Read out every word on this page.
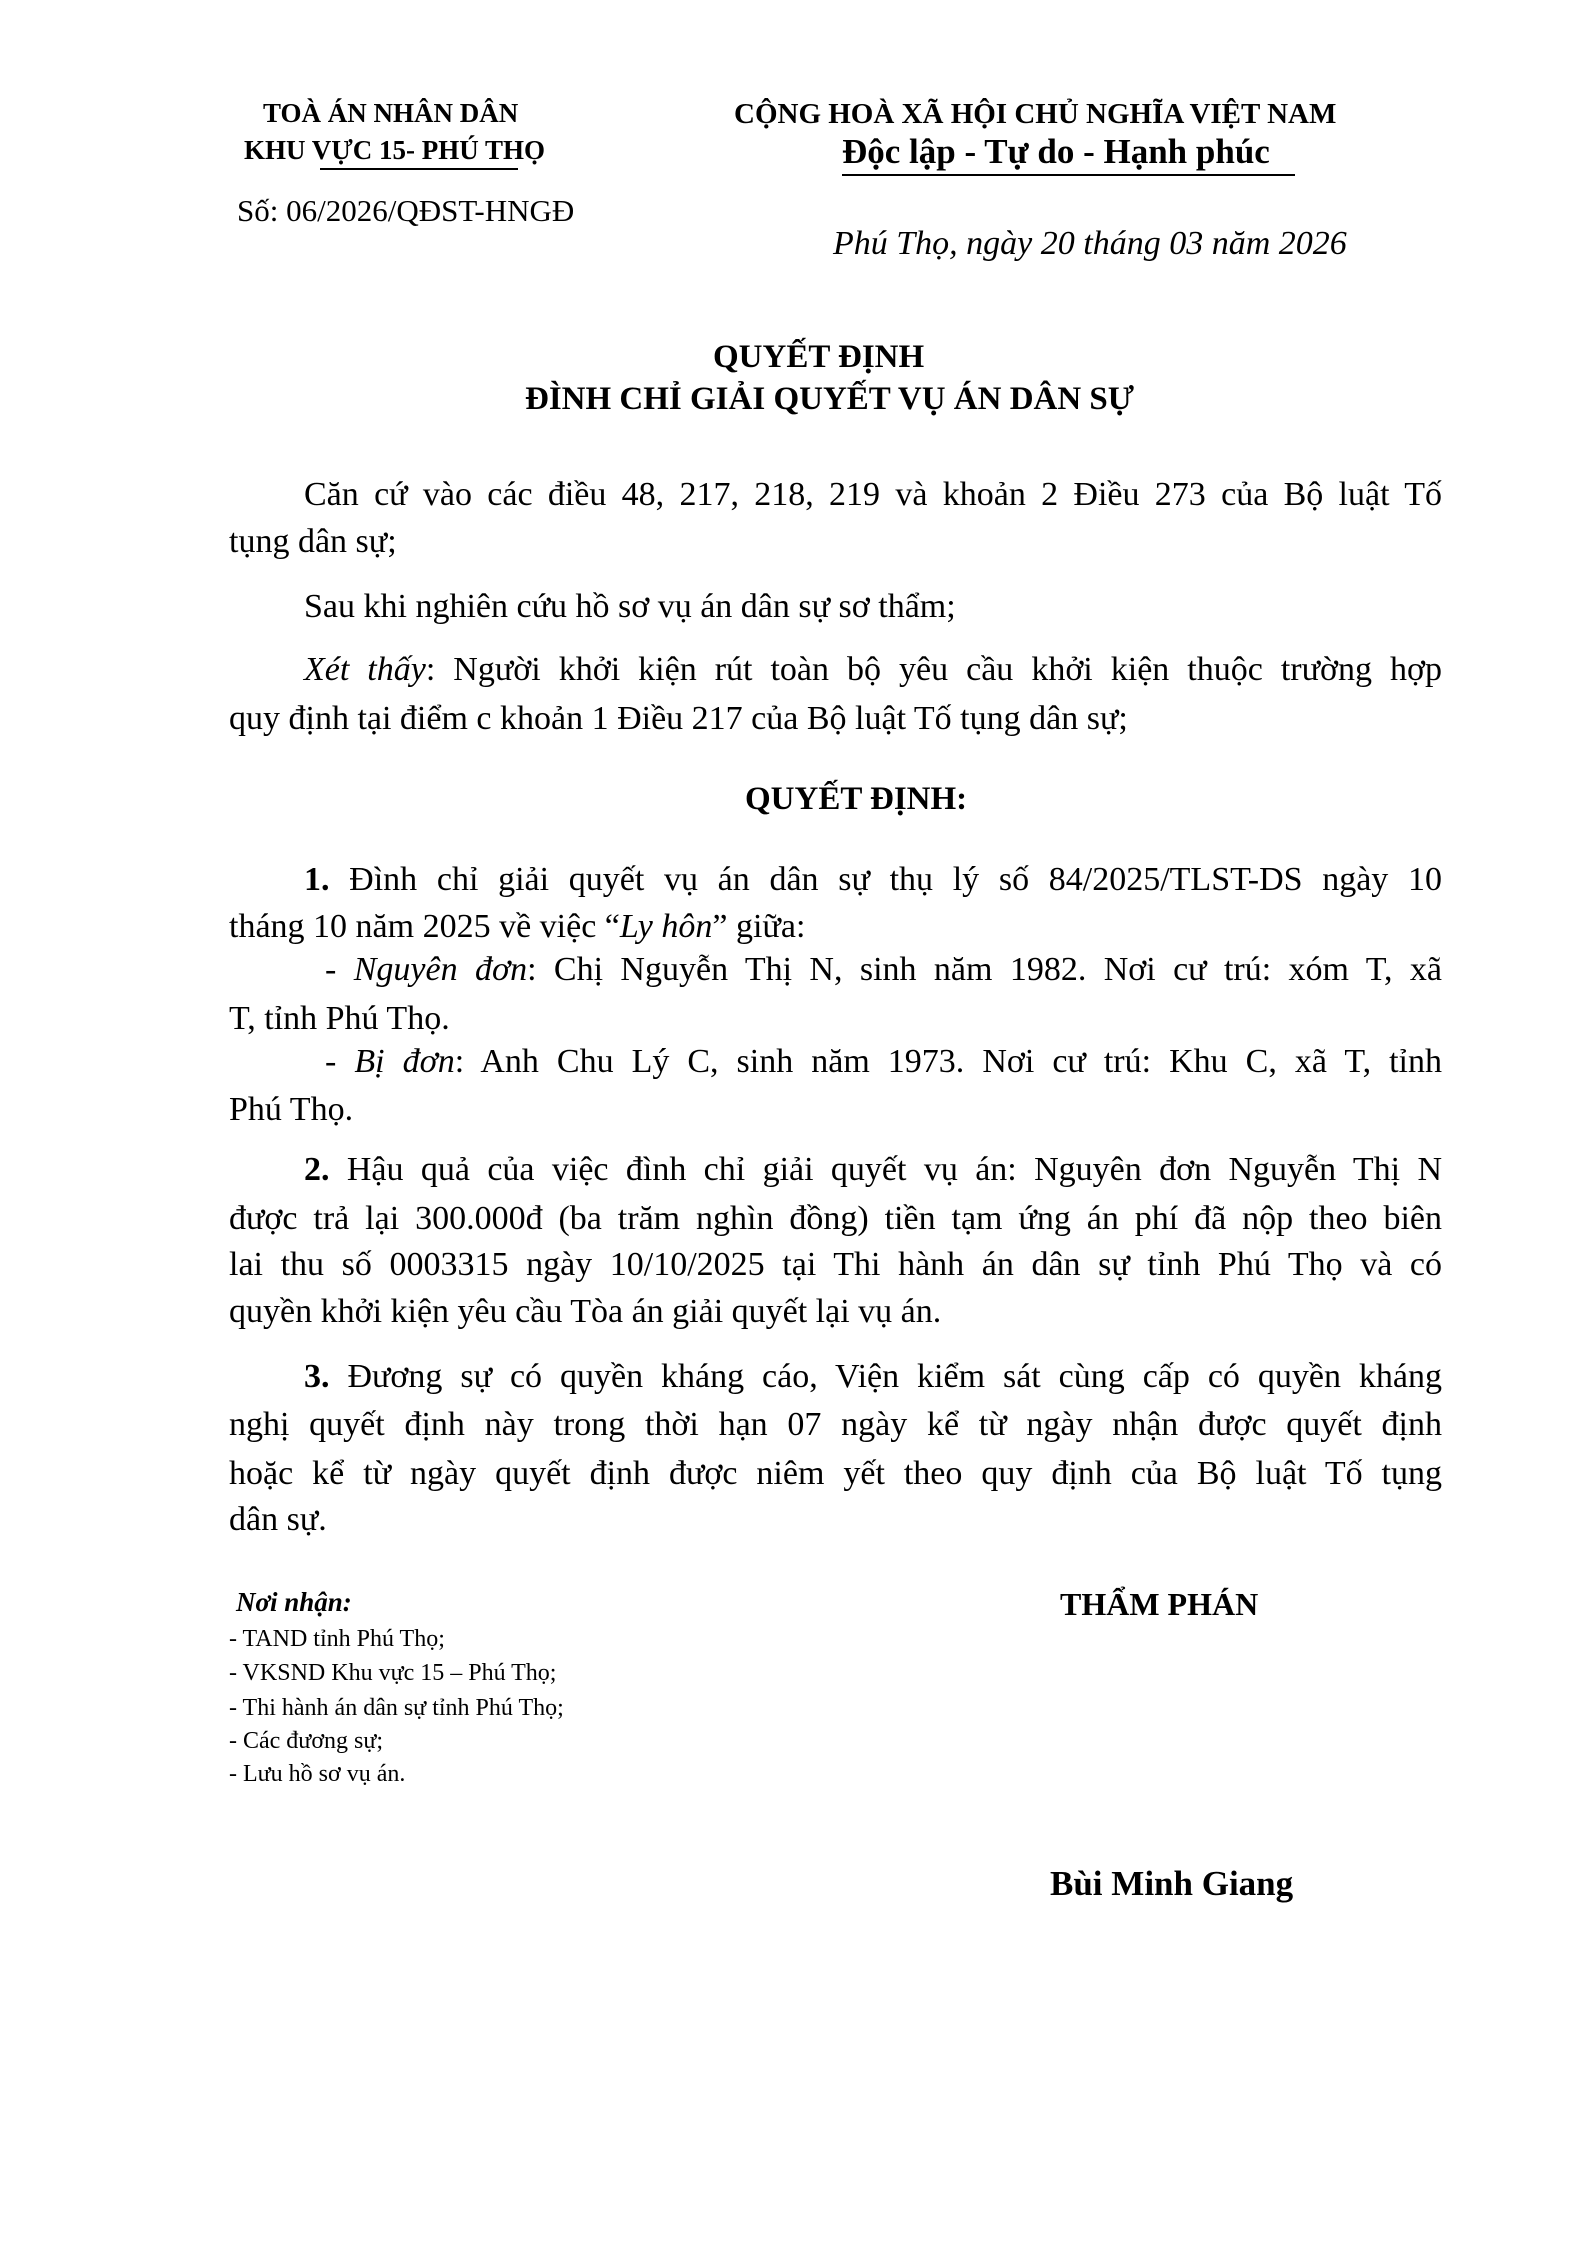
TOÀ ÁN NHÂN DÂN
KHU VỰC 15- PHÚ THỌ
Số: 06/2026/QĐST-HNGĐ
CỘNG HOÀ XÃ HỘI CHỦ NGHĨA VIỆT NAM
Độc lập - Tự do - Hạnh phúc
Phú Thọ, ngày 20 tháng 03 năm 2026
QUYẾT ĐỊNH
ĐÌNH CHỈ GIẢI QUYẾT VỤ ÁN DÂN SỰ
Căn cứ vào các điều 48, 217, 218, 219 và khoản 2 Điều 273 của Bộ luật Tố
tụng dân sự;
Sau khi nghiên cứu hồ sơ vụ án dân sự sơ thẩm;
Xét thấy: Người khởi kiện rút toàn bộ yêu cầu khởi kiện thuộc trường hợp
quy định tại điểm c khoản 1 Điều 217 của Bộ luật Tố tụng dân sự;
QUYẾT ĐỊNH:
1. Đình chỉ giải quyết vụ án dân sự thụ lý số 84/2025/TLST-DS ngày 10
tháng 10 năm 2025 về việc “Ly hôn” giữa:
- Nguyên đơn: Chị Nguyễn Thị N, sinh năm 1982. Nơi cư trú: xóm T, xã
T, tỉnh Phú Thọ.
- Bị đơn: Anh Chu Lý C, sinh năm 1973. Nơi cư trú: Khu C, xã T, tỉnh
Phú Thọ.
2. Hậu quả của việc đình chỉ giải quyết vụ án: Nguyên đơn Nguyễn Thị N
được trả lại 300.000đ (ba trăm nghìn đồng) tiền tạm ứng án phí đã nộp theo biên
lai thu số 0003315 ngày 10/10/2025 tại Thi hành án dân sự tỉnh Phú Thọ và có
quyền khởi kiện yêu cầu Tòa án giải quyết lại vụ án.
3. Đương sự có quyền kháng cáo, Viện kiểm sát cùng cấp có quyền kháng
nghị quyết định này trong thời hạn 07 ngày kể từ ngày nhận được quyết định
hoặc kể từ ngày quyết định được niêm yết theo quy định của Bộ luật Tố tụng
dân sự.
Nơi nhận:
- TAND tỉnh Phú Thọ;
- VKSND Khu vực 15 – Phú Thọ;
- Thi hành án dân sự tỉnh Phú Thọ;
- Các đương sự;
- Lưu hồ sơ vụ án.
THẨM PHÁN
Bùi Minh Giang
